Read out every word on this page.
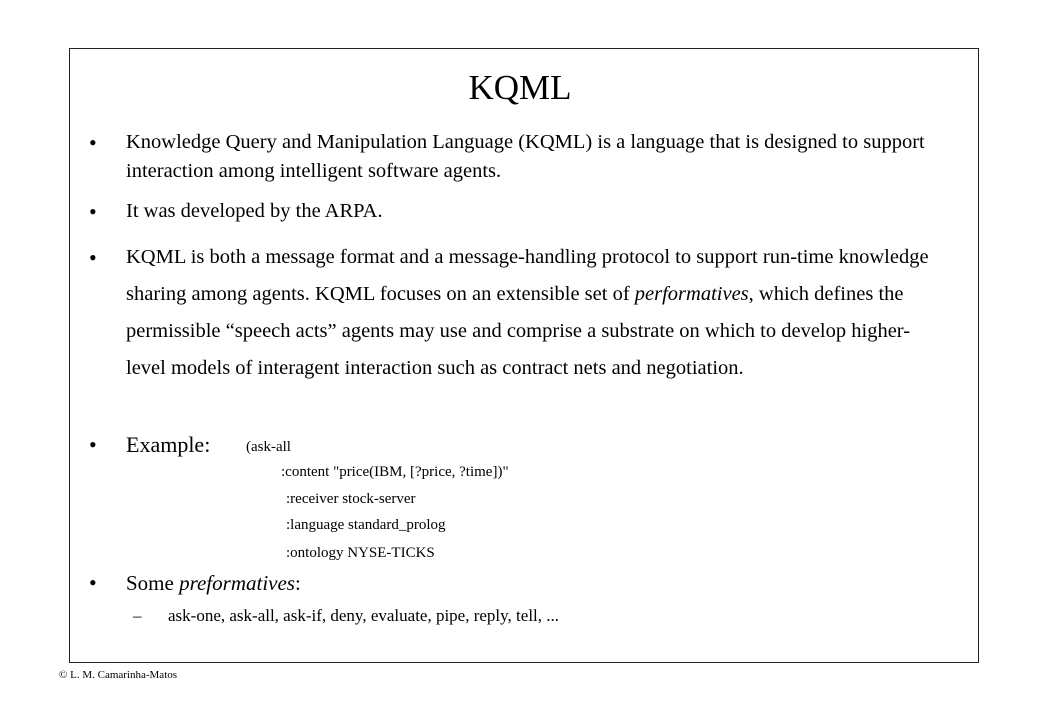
KQML
• Knowledge Query and Manipulation Language (KQML) is a language that is designed to support interaction among intelligent software agents.
• It was developed by the ARPA.
• KQML is both a message format and a message-handling protocol to support run-time knowledge sharing among agents. KQML focuses on an extensible set of performatives, which defines the permissible “speech acts” agents may use and comprise a substrate on which to develop higher-level models of interagent interaction such as contract nets and negotiation.
• Example: (ask-all
:content "price(IBM, [?price, ?time])"
:receiver stock-server
:language standard_prolog
:ontology NYSE-TICKS
• Some preformatives:
– ask-one, ask-all, ask-if, deny, evaluate, pipe, reply, tell, ...
© L. M. Camarinha-Matos
